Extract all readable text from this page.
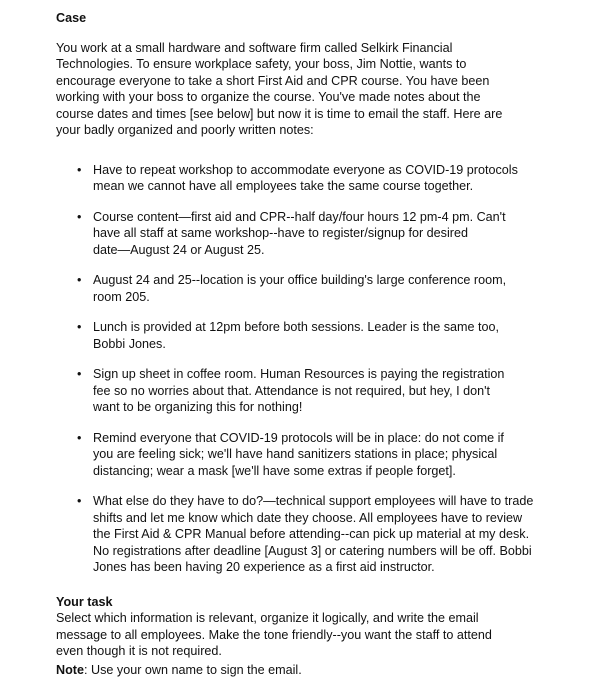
Case

You work at a small hardware and software firm called Selkirk Financial
Technologies. To ensure workplace safety, your boss, Jim Nottie, wants to
encourage everyone to take a short First Aid and CPR course. You have been
working with your boss to organize the course. You've made notes about the
course dates and times [see below] but now it is time to email the staff. Here are
your badly organized and poorly written notes:

• Have to repeat workshop to accommodate everyone as COVID-19 protocols
mean we cannot have all employees take the same course together.
• Course content—first aid and CPR--half day/four hours 12 pm-4 pm. Can't
have all staff at same workshop--have to register/signup for desired
date—August 24 or August 25.
• August 24 and 25--location is your office building's large conference room,
room 205.
• Lunch is provided at 12pm before both sessions. Leader is the same too,
Bobbi Jones.
• Sign up sheet in coffee room. Human Resources is paying the registration
fee so no worries about that. Attendance is not required, but hey, I don't
want to be organizing this for nothing!
• Remind everyone that COVID-19 protocols will be in place: do not come if
you are feeling sick; we'll have hand sanitizers stations in place; physical
distancing; wear a mask [we'll have some extras if people forget].
• What else do they have to do?—technical support employees will have to trade
shifts and let me know which date they choose. All employees have to review
the First Aid & CPR Manual before attending--can pick up material at my desk.
No registrations after deadline [August 3] or catering numbers will be off. Bobbi
Jones has been having 20 experience as a first aid instructor.

Your task

Select which information is relevant, organize it logically, and write the email
message to all employees. Make the tone friendly--you want the staff to attend
even though it is not required.

Note: Use your own name to sign the email.
